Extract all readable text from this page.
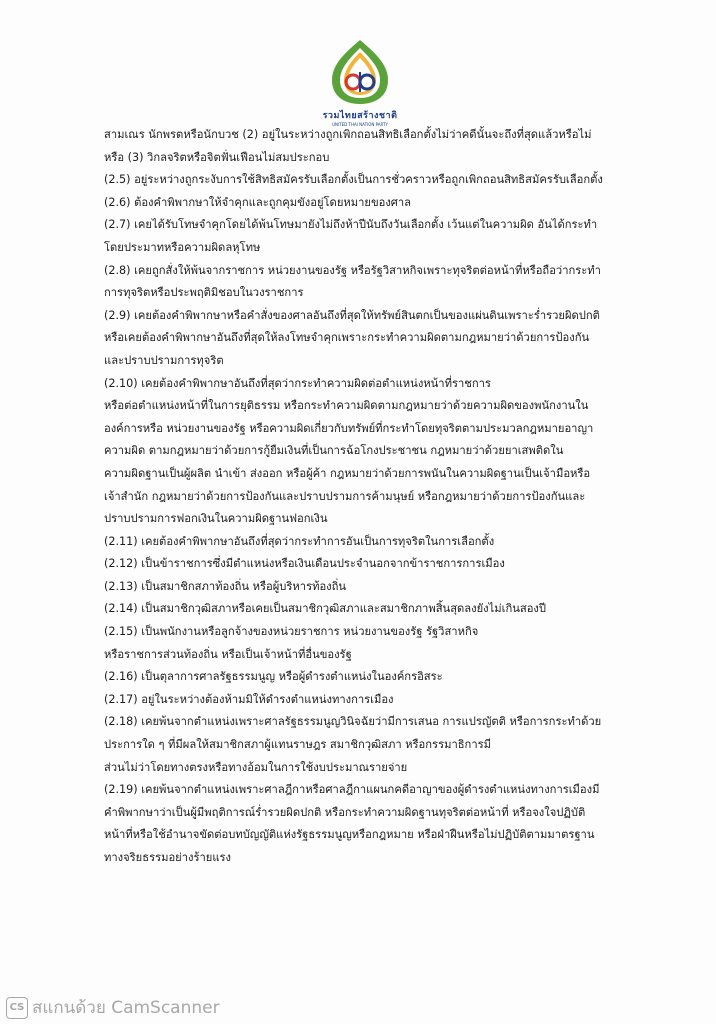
รวมไทยสร้างชาติ
UNITED THAI NATION PARTY

สามเณร นักพรตหรือนักบวช (2) อยู่ในระหว่างถูกเพิกถอนสิทธิเลือกตั้งไม่ว่าคดีนั้นจะถึงที่สุดแล้วหรือไม่

หรือ (3) วิกลจริตหรือจิตฟั่นเฟือนไม่สมประกอบ

(2.5) อยู่ระหว่างถูกระงับการใช้สิทธิสมัครรับเลือกตั้งเป็นการชั่วคราวหรือถูกเพิกถอนสิทธิสมัครรับเลือกตั้ง

(2.6) ต้องคำพิพากษาให้จำคุกและถูกคุมขังอยู่โดยหมายของศาล

(2.7) เคยได้รับโทษจำคุกโดยได้พ้นโทษมายังไม่ถึงห้าปีนับถึงวันเลือกตั้ง เว้นแต่ในความผิด อันได้กระทำ

โดยประมาทหรือความผิดลหุโทษ

(2.8) เคยถูกสั่งให้พ้นจากราชการ หน่วยงานของรัฐ หรือรัฐวิสาหกิจเพราะทุจริตต่อหน้าที่หรือถือว่ากระทำ

การทุจริตหรือประพฤติมิชอบในวงราชการ

(2.9) เคยต้องคำพิพากษาหรือคำสั่งของศาลอันถึงที่สุดให้ทรัพย์สินตกเป็นของแผ่นดินเพราะร่ำรวยผิดปกติ

หรือเคยต้องคำพิพากษาอันถึงที่สุดให้ลงโทษจำคุกเพราะกระทำความผิดตามกฎหมายว่าด้วยการป้องกัน

และปราบปรามการทุจริต

(2.10) เคยต้องคำพิพากษาอันถึงที่สุดว่ากระทำความผิดต่อตำแหน่งหน้าที่ราชการ

หรือต่อตำแหน่งหน้าที่ในการยุติธรรม หรือกระทำความผิดตามกฎหมายว่าด้วยความผิดของพนักงานใน

องค์การหรือ หน่วยงานของรัฐ หรือความผิดเกี่ยวกับทรัพย์ที่กระทำโดยทุจริตตามประมวลกฎหมายอาญา

ความผิด ตามกฎหมายว่าด้วยการกู้ยืมเงินที่เป็นการฉ้อโกงประชาชน กฎหมายว่าด้วยยาเสพติดใน

ความผิดฐานเป็นผู้ผลิต นำเข้า ส่งออก หรือผู้ค้า กฎหมายว่าด้วยการพนันในความผิดฐานเป็นเจ้ามือหรือ

เจ้าสำนัก กฎหมายว่าด้วยการป้องกันและปราบปรามการค้ามนุษย์ หรือกฎหมายว่าด้วยการป้องกันและ

ปราบปรามการฟอกเงินในความผิดฐานฟอกเงิน

(2.11) เคยต้องคำพิพากษาอันถึงที่สุดว่ากระทำการอันเป็นการทุจริตในการเลือกตั้ง

(2.12) เป็นข้าราชการซึ่งมีตำแหน่งหรือเงินเดือนประจำนอกจากข้าราชการการเมือง

(2.13) เป็นสมาชิกสภาท้องถิ่น หรือผู้บริหารท้องถิ่น

(2.14) เป็นสมาชิกวุฒิสภาหรือเคยเป็นสมาชิกวุฒิสภาและสมาชิกภาพสิ้นสุดลงยังไม่เกินสองปี

(2.15) เป็นพนักงานหรือลูกจ้างของหน่วยราชการ หน่วยงานของรัฐ รัฐวิสาหกิจ

หรือราชการส่วนท้องถิ่น หรือเป็นเจ้าหน้าที่อื่นของรัฐ

(2.16) เป็นตุลาการศาลรัฐธรรมนูญ หรือผู้ดำรงตำแหน่งในองค์กรอิสระ

(2.17) อยู่ในระหว่างต้องห้ามมิให้ดำรงตำแหน่งทางการเมือง

(2.18) เคยพ้นจากตำแหน่งเพราะศาลรัฐธรรมนูญวินิจฉัยว่ามีการเสนอ การแปรญัตติ หรือการกระทำด้วย

ประการใด ๆ ที่มีผลให้สมาชิกสภาผู้แทนราษฎร สมาชิกวุฒิสภา หรือกรรมาธิการมี

ส่วนไม่ว่าโดยทางตรงหรือทางอ้อมในการใช้งบประมาณรายจ่าย

(2.19) เคยพ้นจากตำแหน่งเพราะศาลฎีกาหรือศาลฎีกาแผนกคดีอาญาของผู้ดำรงตำแหน่งทางการเมืองมี

คำพิพากษาว่าเป็นผู้มีพฤติการณ์ร่ำรวยผิดปกติ หรือกระทำความผิดฐานทุจริตต่อหน้าที่ หรือจงใจปฏิบัติ

หน้าที่หรือใช้อำนาจขัดต่อบทบัญญัติแห่งรัฐธรรมนูญหรือกฎหมาย หรือฝ่าฝืนหรือไม่ปฏิบัติตามมาตรฐาน

ทางจริยธรรมอย่างร้ายแรง

CS สแกนด้วย CamScanner
